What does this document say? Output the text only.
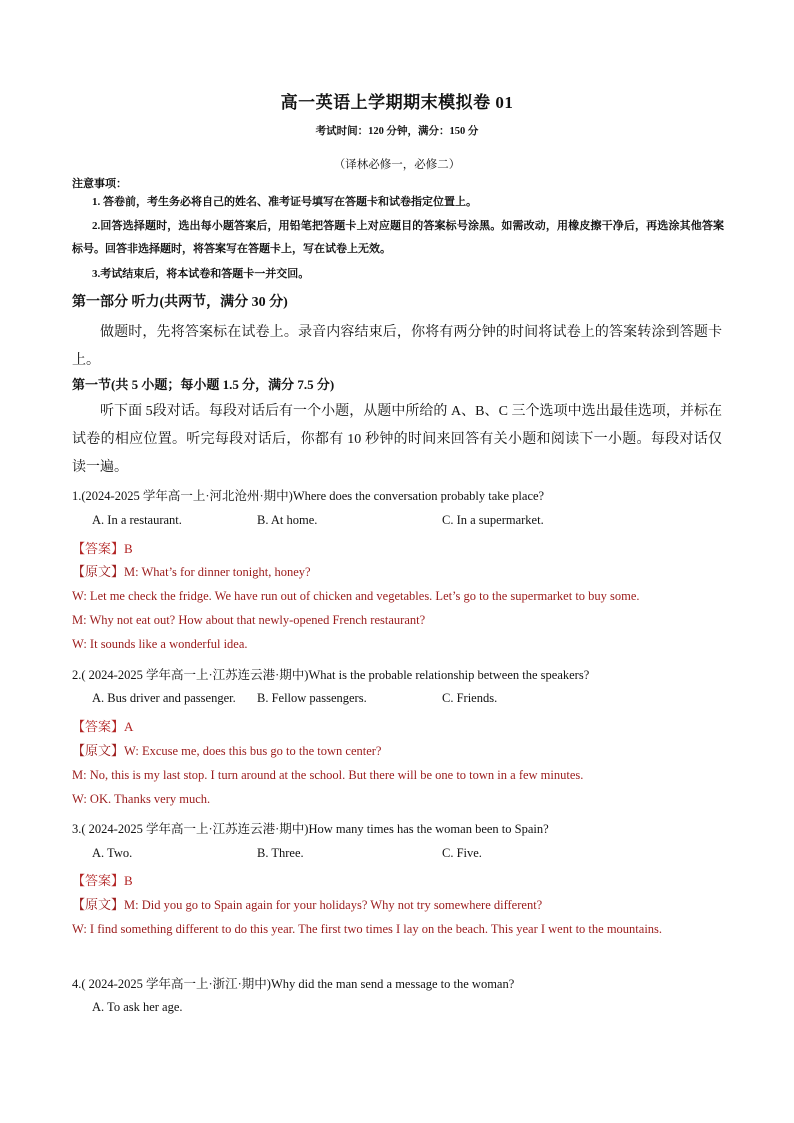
高一英语上学期期末模拟卷 01
考试时间：120 分钟，满分：150 分
（译林必修一，必修二）
注意事项：
1. 答卷前，考生务必将自己的姓名、准考证号填写在答题卡和试卷指定位置上。
2.回答选择题时，选出每小题答案后，用铅笔把答题卡上对应题目的答案标号涂黑。如需改动，用橡皮擦干净后，再选涂其他答案标号。回答非选择题时，将答案写在答题卡上，写在试卷上无效。
3.考试结束后，将本试卷和答题卡一并交回。
第一部分 听力(共两节，满分 30 分)
做题时，先将答案标在试卷上。录音内容结束后，你将有两分钟的时间将试卷上的答案转涂到答题卡上。
第一节(共 5 小题；每小题 1.5 分，满分 7.5 分)
听下面 5段对话。每段对话后有一个小题，从题中所给的 A、B、C 三个选项中选出最佳选项，并标在试卷的相应位置。听完每段对话后，你都有 10 秒钟的时间来回答有关小题和阅读下一小题。每段对话仅读一遍。
1.(2024-2025 学年高一上·河北沧州·期中)Where does the conversation probably take place?
A. In a restaurant.	B. At home.	C. In a supermarket.
【答案】B
【原文】M: What’s for dinner tonight, honey?
W: Let me check the fridge. We have run out of chicken and vegetables. Let’s go to the supermarket to buy some.
M: Why not eat out? How about that newly-opened French restaurant?
W: It sounds like a wonderful idea.
2.( 2024-2025 学年高一上·江苏连云港·期中)What is the probable relationship between the speakers?
A. Bus driver and passenger. B. Fellow passengers.	C. Friends.
【答案】A
【原文】W: Excuse me, does this bus go to the town center?
M: No, this is my last stop. I turn around at the school. But there will be one to town in a few minutes.
W: OK. Thanks very much.
3.( 2024-2025 学年高一上·江苏连云港·期中)How many times has the woman been to Spain?
A. Two.	B. Three.	C. Five.
【答案】B
【原文】M: Did you go to Spain again for your holidays? Why not try somewhere different?
W: I find something different to do this year. The first two times I lay on the beach. This year I went to the mountains.
4.( 2024-2025 学年高一上·浙江·期中)Why did the man send a message to the woman?
A. To ask her age.
